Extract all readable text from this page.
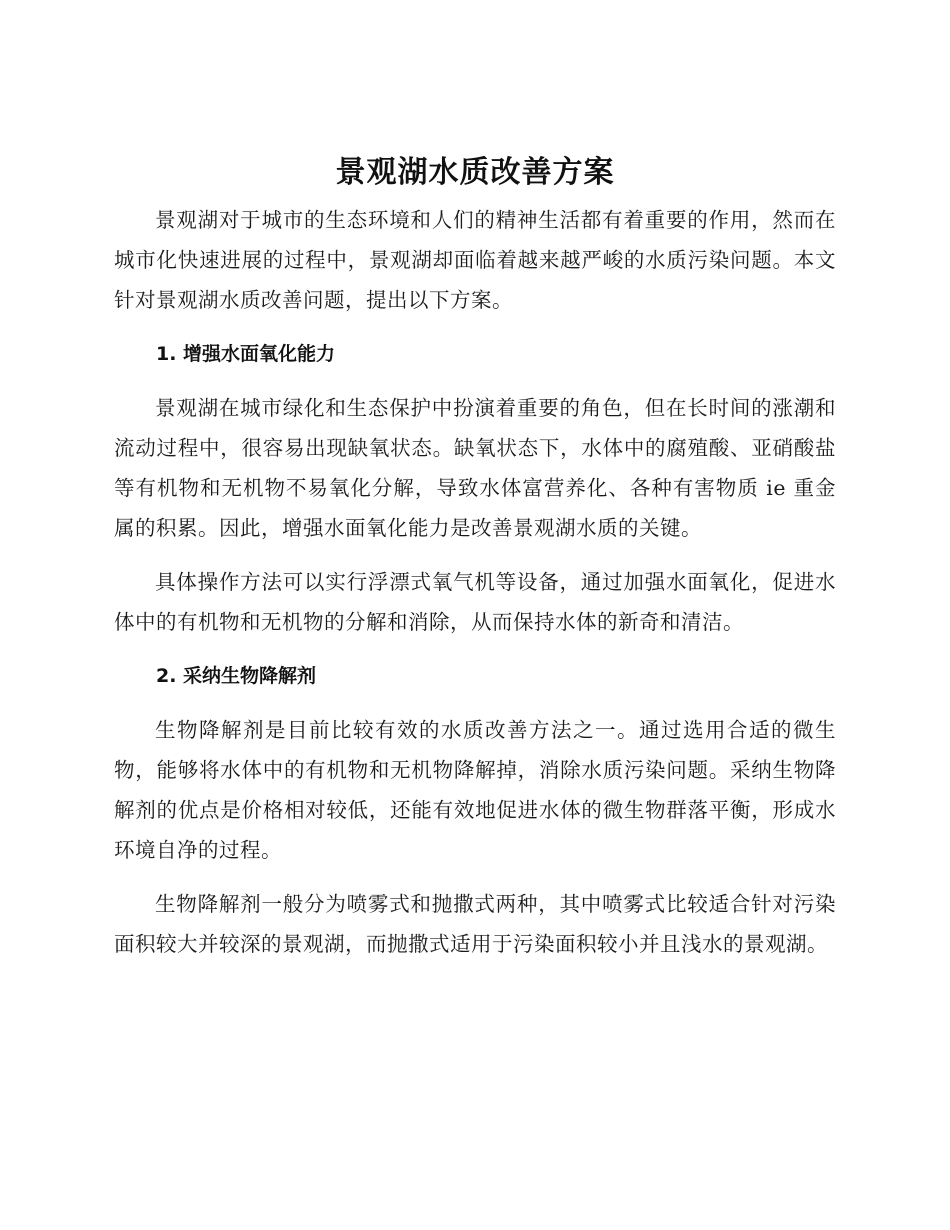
景观湖水质改善方案

景观湖对于城市的生态环境和人们的精神生活都有着重要的作用，然而在城市化快速进展的过程中，景观湖却面临着越来越严峻的水质污染问题。本文针对景观湖水质改善问题，提出以下方案。

1. 增强水面氧化能力

景观湖在城市绿化和生态保护中扮演着重要的角色，但在长时间的涨潮和流动过程中，很容易出现缺氧状态。缺氧状态下，水体中的腐殖酸、亚硝酸盐等有机物和无机物不易氧化分解，导致水体富营养化、各种有害物质 ie 重金属的积累。因此，增强水面氧化能力是改善景观湖水质的关键。

具体操作方法可以实行浮漂式氧气机等设备，通过加强水面氧化，促进水体中的有机物和无机物的分解和消除，从而保持水体的新奇和清洁。

2. 采纳生物降解剂

生物降解剂是目前比较有效的水质改善方法之一。通过选用合适的微生物，能够将水体中的有机物和无机物降解掉，消除水质污染问题。采纳生物降解剂的优点是价格相对较低，还能有效地促进水体的微生物群落平衡，形成水环境自净的过程。

生物降解剂一般分为喷雾式和抛撒式两种，其中喷雾式比较适合针对污染面积较大并较深的景观湖，而抛撒式适用于污染面积较小并且浅水的景观湖。
